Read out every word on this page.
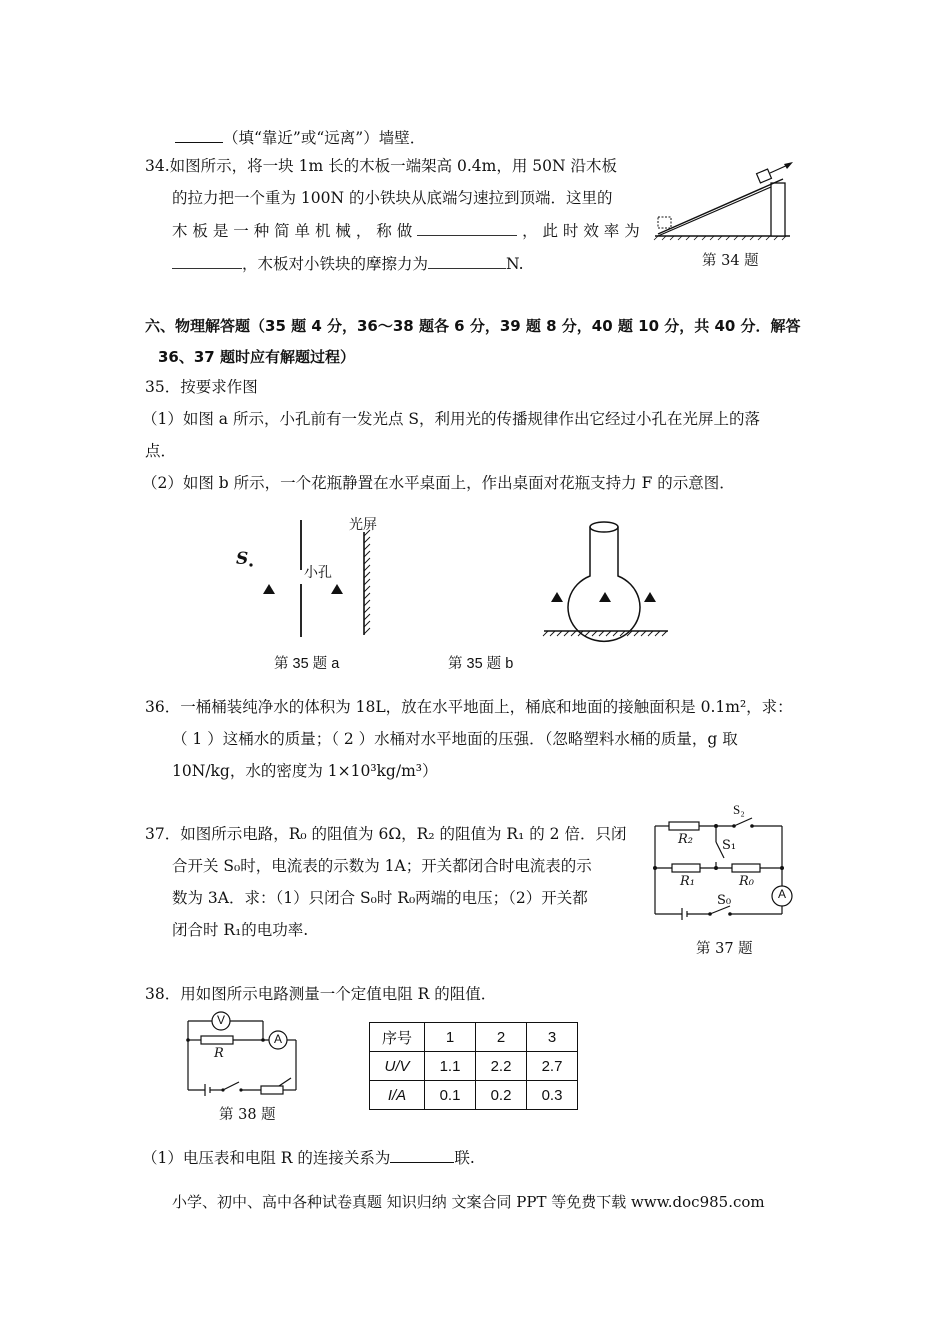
（填“靠近”或“远离”）墙壁．
34.如图所示，将一块 1m 长的木板一端架高 0.4m，用 50N 沿木板
的拉力把一个重为 100N 的小铁块从底端匀速拉到顶端．这里的
木 板 是 一 种 简 单 机 械 ， 称 做	， 此 时 效 率 为
，木板对小铁块的摩擦力为	N.	第 34 题
六、物理解答题（35 题 4 分，36～38 题各 6 分，39 题 8 分，40 题 10 分，共 40 分．解答
36、37 题时应有解题过程）
35．按要求作图
（1）如图 a 所示，小孔前有一发光点 S，利用光的传播规律作出它经过小孔在光屏上的落
点．
（2）如图 b 所示，一个花瓶静置在水平桌面上，作出桌面对花瓶支持力 F 的示意图．
S
小孔
光屏
第 35 题 a	第 35 题 b
36．一桶桶装纯净水的体积为 18L，放在水平地面上，桶底和地面的接触面积是 0.1m²，求：
（ 1 ）这桶水的质量；（ 2 ）水桶对水平地面的压强．（忽略塑料水桶的质量，g 取
10N/kg，水的密度为 1×10³kg/m³）
37．如图所示电路，R₀ 的阻值为 6Ω，R₂ 的阻值为 R₁ 的 2 倍．只闭
合开关 S₀时，电流表的示数为 1A；开关都闭合时电流表的示
数为 3A．求：（1）只闭合 S₀时 R₀两端的电压；（2）开关都
闭合时 R₁的电功率.
S₂
R₂ S₁
R₁	R₀
A
S₀
第 37 题
38．用如图所示电路测量一个定值电阻 R 的阻值．
V
R
A
第 38 题
序号	1	2	3
U/V	1.1	2.2	2.7
I/A	0.1	0.2	0.3
（1）电压表和电阻 R 的连接关系为	联.
小学、初中、高中各种试卷真题 知识归纳 文案合同 PPT 等免费下载 www.doc985.com
